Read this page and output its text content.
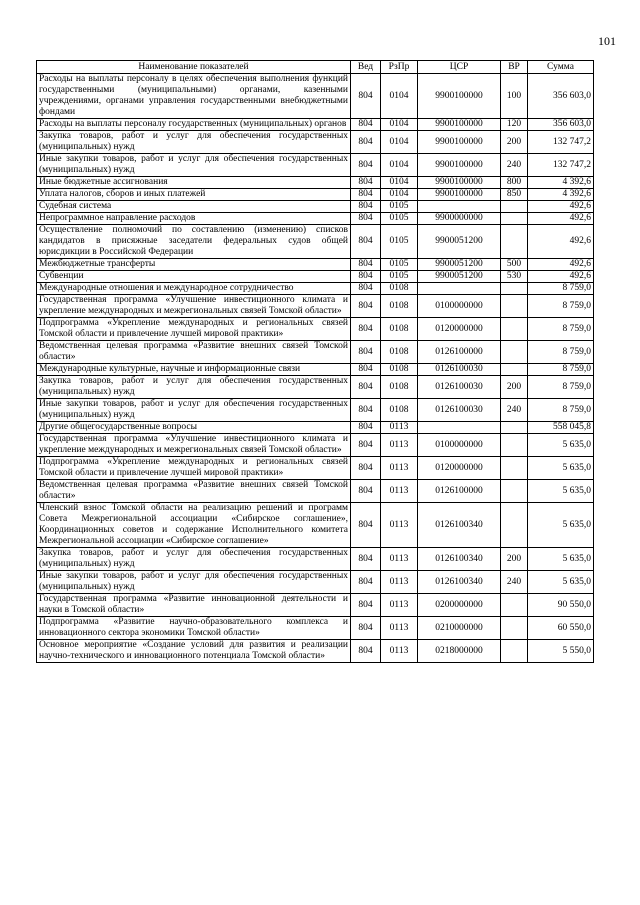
101
Наименование показателей	Вед	РзПр	ЦСР	ВР	Сумма
Расходы на выплаты персоналу в целях обеспечения выполнения функций государственными (муниципальными) органами, казенными учреждениями, органами управления государственными внебюджетными фондами	804	0104	9900100000	100	356 603,0
Расходы на выплаты персоналу государственных (муниципальных) органов	804	0104	9900100000	120	356 603,0
Закупка товаров, работ и услуг для обеспечения государственных (муниципальных) нужд	804	0104	9900100000	200	132 747,2
Иные закупки товаров, работ и услуг для обеспечения государственных (муниципальных) нужд	804	0104	9900100000	240	132 747,2
Иные бюджетные ассигнования	804	0104	9900100000	800	4 392,6
Уплата налогов, сборов и иных платежей	804	0104	9900100000	850	4 392,6
Судебная система	804	0105			492,6
Непрограммное направление расходов	804	0105	9900000000		492,6
Осуществление полномочий по составлению (изменению) списков кандидатов в присяжные заседатели федеральных судов общей юрисдикции в Российской Федерации	804	0105	9900051200		492,6
Межбюджетные трансферты	804	0105	9900051200	500	492,6
Субвенции	804	0105	9900051200	530	492,6
Международные отношения и международное сотрудничество	804	0108			8 759,0
Государственная программа «Улучшение инвестиционного климата и укрепление международных и межрегиональных связей Томской области»	804	0108	0100000000		8 759,0
Подпрограмма «Укрепление международных и региональных связей Томской области и привлечение лучшей мировой практики»	804	0108	0120000000		8 759,0
Ведомственная целевая программа «Развитие внешних связей Томской области»	804	0108	0126100000		8 759,0
Международные культурные, научные и информационные связи	804	0108	0126100030		8 759,0
Закупка товаров, работ и услуг для обеспечения государственных (муниципальных) нужд	804	0108	0126100030	200	8 759,0
Иные закупки товаров, работ и услуг для обеспечения государственных (муниципальных) нужд	804	0108	0126100030	240	8 759,0
Другие общегосударственные вопросы	804	0113			558 045,8
Государственная программа «Улучшение инвестиционного климата и укрепление международных и межрегиональных связей Томской области»	804	0113	0100000000		5 635,0
Подпрограмма «Укрепление международных и региональных связей Томской области и привлечение лучшей мировой практики»	804	0113	0120000000		5 635,0
Ведомственная целевая программа «Развитие внешних связей Томской области»	804	0113	0126100000		5 635,0
Членский взнос Томской области на реализацию решений и программ Совета Межрегиональной ассоциации «Сибирское соглашение», Координационных советов и содержание Исполнительного комитета Межрегиональной ассоциации «Сибирское соглашение»	804	0113	0126100340		5 635,0
Закупка товаров, работ и услуг для обеспечения государственных (муниципальных) нужд	804	0113	0126100340	200	5 635,0
Иные закупки товаров, работ и услуг для обеспечения государственных (муниципальных) нужд	804	0113	0126100340	240	5 635,0
Государственная программа «Развитие инновационной деятельности и науки в Томской области»	804	0113	0200000000		90 550,0
Подпрограмма «Развитие научно-образовательного комплекса и инновационного сектора экономики Томской области»	804	0113	0210000000		60 550,0
Основное мероприятие «Создание условий для развития и реализации научно-технического и инновационного потенциала Томской области»	804	0113	0218000000		5 550,0
